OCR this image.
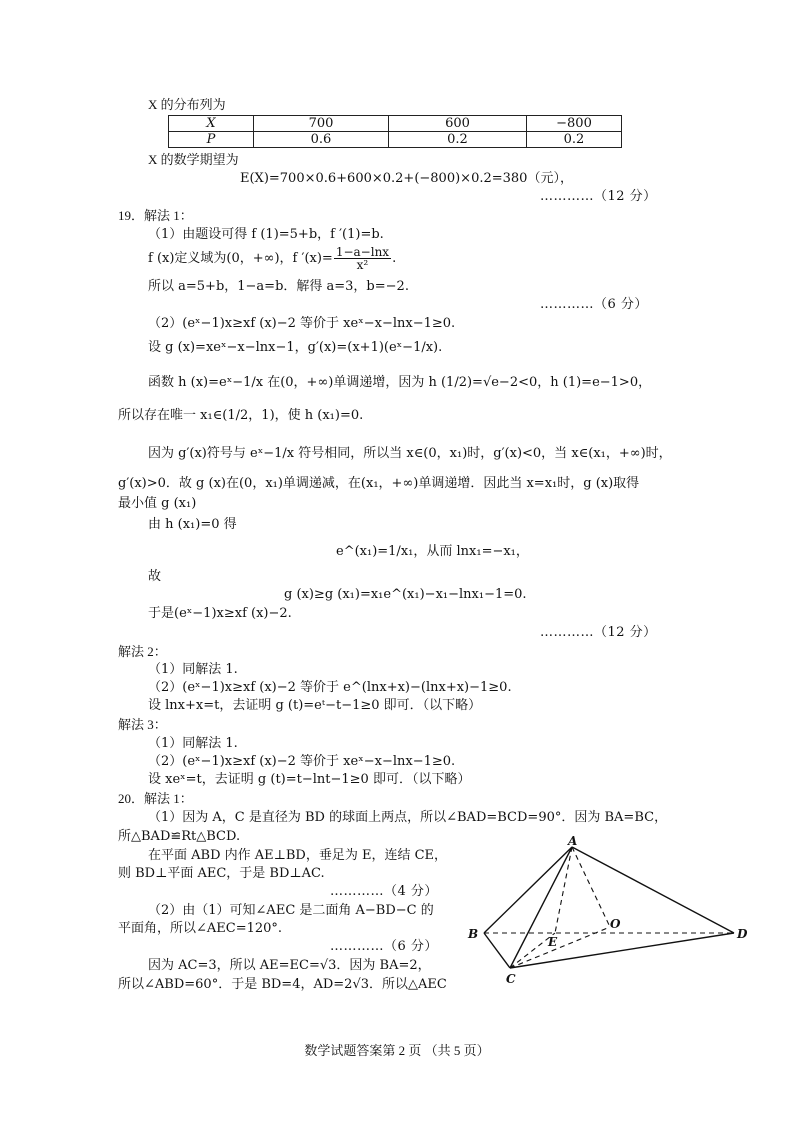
X 的分布列为
X	700	600	−800
P	0.6	0.2	0.2
X 的数学期望为
E(X)=700×0.6+600×0.2+(−800)×0.2=380（元），
…………（12 分）
19．解法 1：
（1）由题设可得 f (1)=5+b，f ′(1)=b.
f (x)定义域为(0，+∞)，f $'(x)= \frac{1-a-\ln x}{\text{x²}}$ .
所以 a=5+b，1−a=b．解得 a=3，b=−2.
…………（6 分）
（2）(eˣ−1)x≥xf (x)−2 等价于 xeˣ−x−lnx−1≥0.
设 g (x)=xeˣ−x−lnx−1，g′(x)=(x+1)(eˣ−1/x).
函数 h (x)=eˣ−1/x 在(0，+∞)单调递增，因为 h (1/2)=√e−2<0，h (1)=e−1>0，
所以存在唯一 x₁∈(1/2，1)，使 h (x₁)=0.
因为 g′(x)符号与 eˣ−1/x 符号相同，所以当 x∈(0，x₁)时，g′(x)<0，当 x∈(x₁，+∞)时，
g′(x)>0．故 g (x)在(0，x₁)单调递减，在(x₁，+∞)单调递增．因此当 x=x₁时，g (x)取得
最小值 g (x₁)
由 h (x₁)=0 得
e^(x₁)=1/x₁，从而 lnx₁=−x₁，
故
g (x)≥g (x₁)=x₁e^(x₁)−x₁−lnx₁−1=0.
于是(eˣ−1)x≥xf (x)−2.
…………（12 分）
解法 2：
（1）同解法 1.
（2）(eˣ−1)x≥xf (x)−2 等价于 e^(lnx+x)−(lnx+x)−1≥0.
设 lnx+x=t，去证明 g (t)=eᵗ−t−1≥0 即可．（以下略）
解法 3：
（1）同解法 1.
（2）(eˣ−1)x≥xf (x)−2 等价于 xeˣ−x−lnx−1≥0.
设 xeˣ=t，去证明 g (t)=t−lnt−1≥0 即可．（以下略）
20．解法 1：
（1）因为 A，C 是直径为 BD 的球面上两点，所以∠BAD=BCD=90°．因为 BA=BC，
所△BAD≌Rt△BCD.
在平面 ABD 内作 AE⊥BD，垂足为 E，连结 CE，
则 BD⊥平面 AEC，于是 BD⊥AC.
…………（4 分）
（2）由（1）可知∠AEC 是二面角 A−BD−C 的
平面角，所以∠AEC=120°.
…………（6 分）
因为 AC=3，所以 AE=EC=√3．因为 BA=2，
所以∠ABD=60°．于是 BD=4，AD=2√3．所以△AEC
A
B
C
D
E
O
数学试题答案第 2 页 （共 5 页）
